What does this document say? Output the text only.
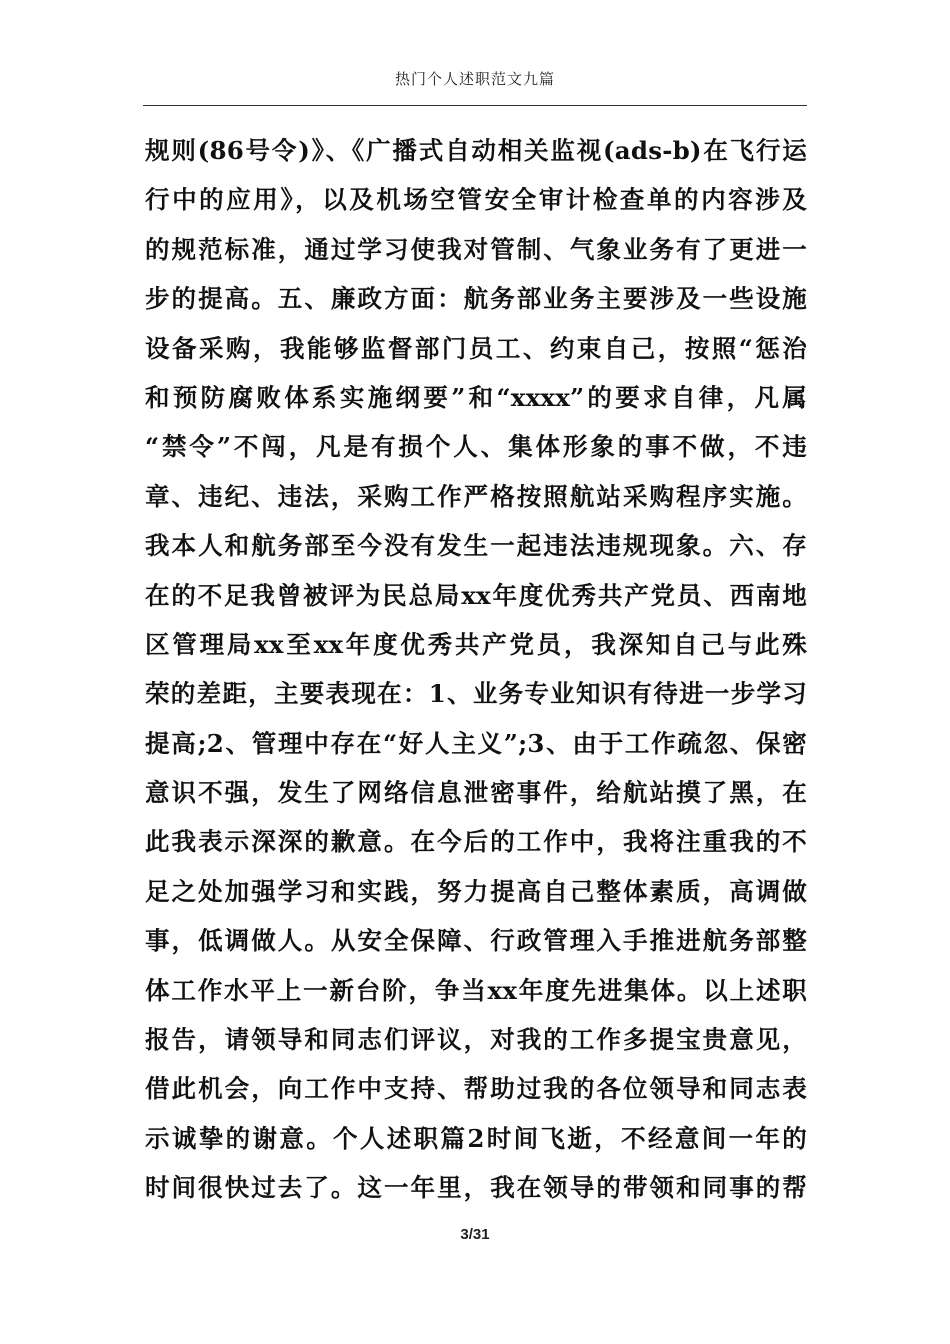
热门个人述职范文九篇
规则(86号令)》、《广播式自动相关监视(ads-b)在飞行运
行中的应用》，以及机场空管安全审计检查单的内容涉及
的规范标准，通过学习使我对管制、气象业务有了更进一
步的提高。五、廉政方面：航务部业务主要涉及一些设施
设备采购，我能够监督部门员工、约束自己，按照“惩治
和预防腐败体系实施纲要”和“xxxx”的要求自律，凡属
“禁令”不闯，凡是有损个人、集体形象的事不做，不违
章、违纪、违法，采购工作严格按照航站采购程序实施。
我本人和航务部至今没有发生一起违法违规现象。六、存
在的不足我曾被评为民总局xx年度优秀共产党员、西南地
区管理局xx至xx年度优秀共产党员，我深知自己与此殊
荣的差距，主要表现在：1、业务专业知识有待进一步学习
提高;2、管理中存在“好人主义”;3、由于工作疏忽、保密
意识不强，发生了网络信息泄密事件，给航站摸了黑，在
此我表示深深的歉意。在今后的工作中，我将注重我的不
足之处加强学习和实践，努力提高自己整体素质，高调做
事，低调做人。从安全保障、行政管理入手推进航务部整
体工作水平上一新台阶，争当xx年度先进集体。以上述职
报告，请领导和同志们评议，对我的工作多提宝贵意见，
借此机会，向工作中支持、帮助过我的各位领导和同志表
示诚挚的谢意。个人述职篇2时间飞逝，不经意间一年的
时间很快过去了。这一年里，我在领导的带领和同事的帮
3/31
